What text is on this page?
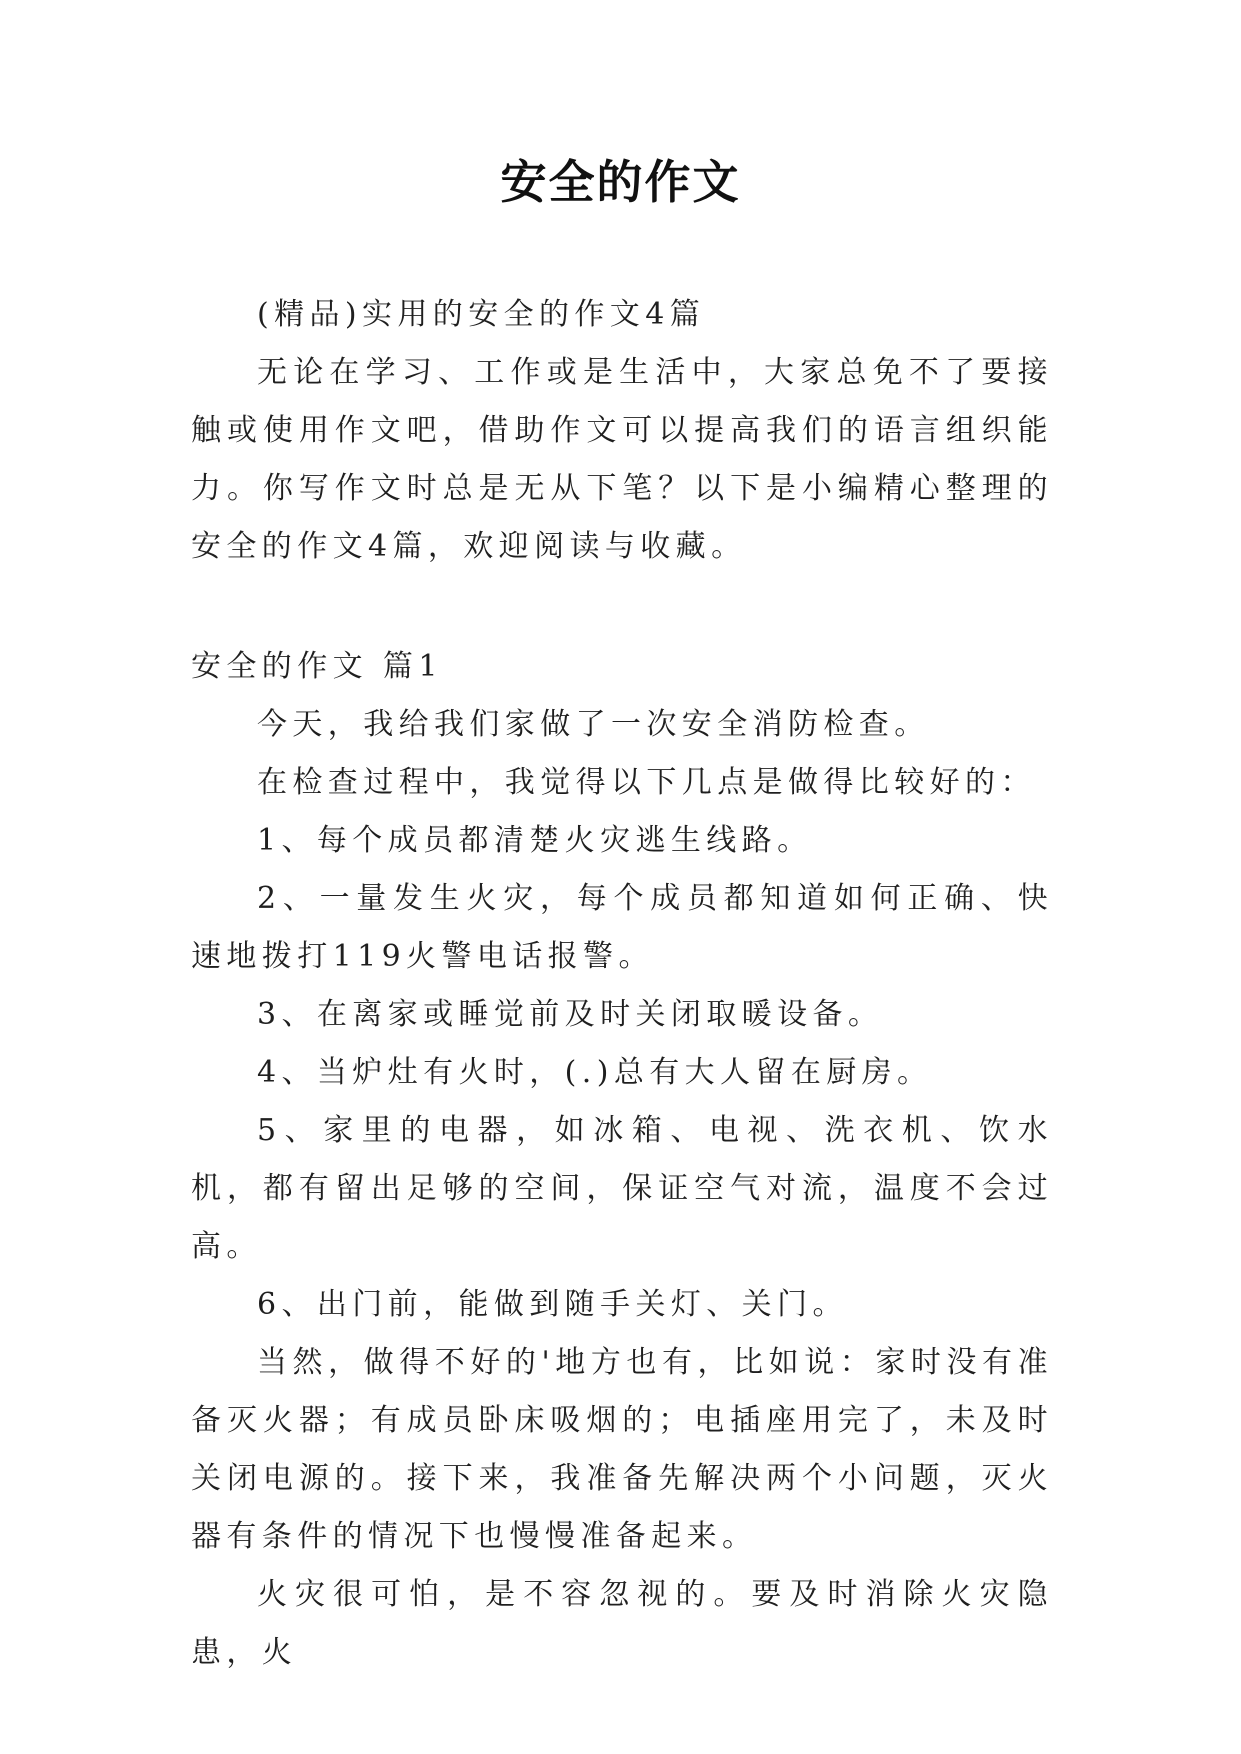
安全的作文

(精品)实用的安全的作文4篇

无论在学习、工作或是生活中，大家总免不了要接触或使用作文吧，借助作文可以提高我们的语言组织能力。你写作文时总是无从下笔？以下是小编精心整理的安全的作文4篇，欢迎阅读与收藏。

安全的作文 篇1

今天，我给我们家做了一次安全消防检查。

在检查过程中，我觉得以下几点是做得比较好的：

1、每个成员都清楚火灾逃生线路。

2、一量发生火灾，每个成员都知道如何正确、快速地拨打119火警电话报警。

3、在离家或睡觉前及时关闭取暖设备。

4、当炉灶有火时，(.)总有大人留在厨房。

5、家里的电器，如冰箱、电视、洗衣机、饮水机，都有留出足够的空间，保证空气对流，温度不会过高。

6、出门前，能做到随手关灯、关门。

当然，做得不好的'地方也有，比如说：家时没有准备灭火器；有成员卧床吸烟的；电插座用完了，未及时关闭电源的。接下来，我准备先解决两个小问题，灭火器有条件的情况下也慢慢准备起来。

火灾很可怕，是不容忽视的。要及时消除火灾隐患，火
